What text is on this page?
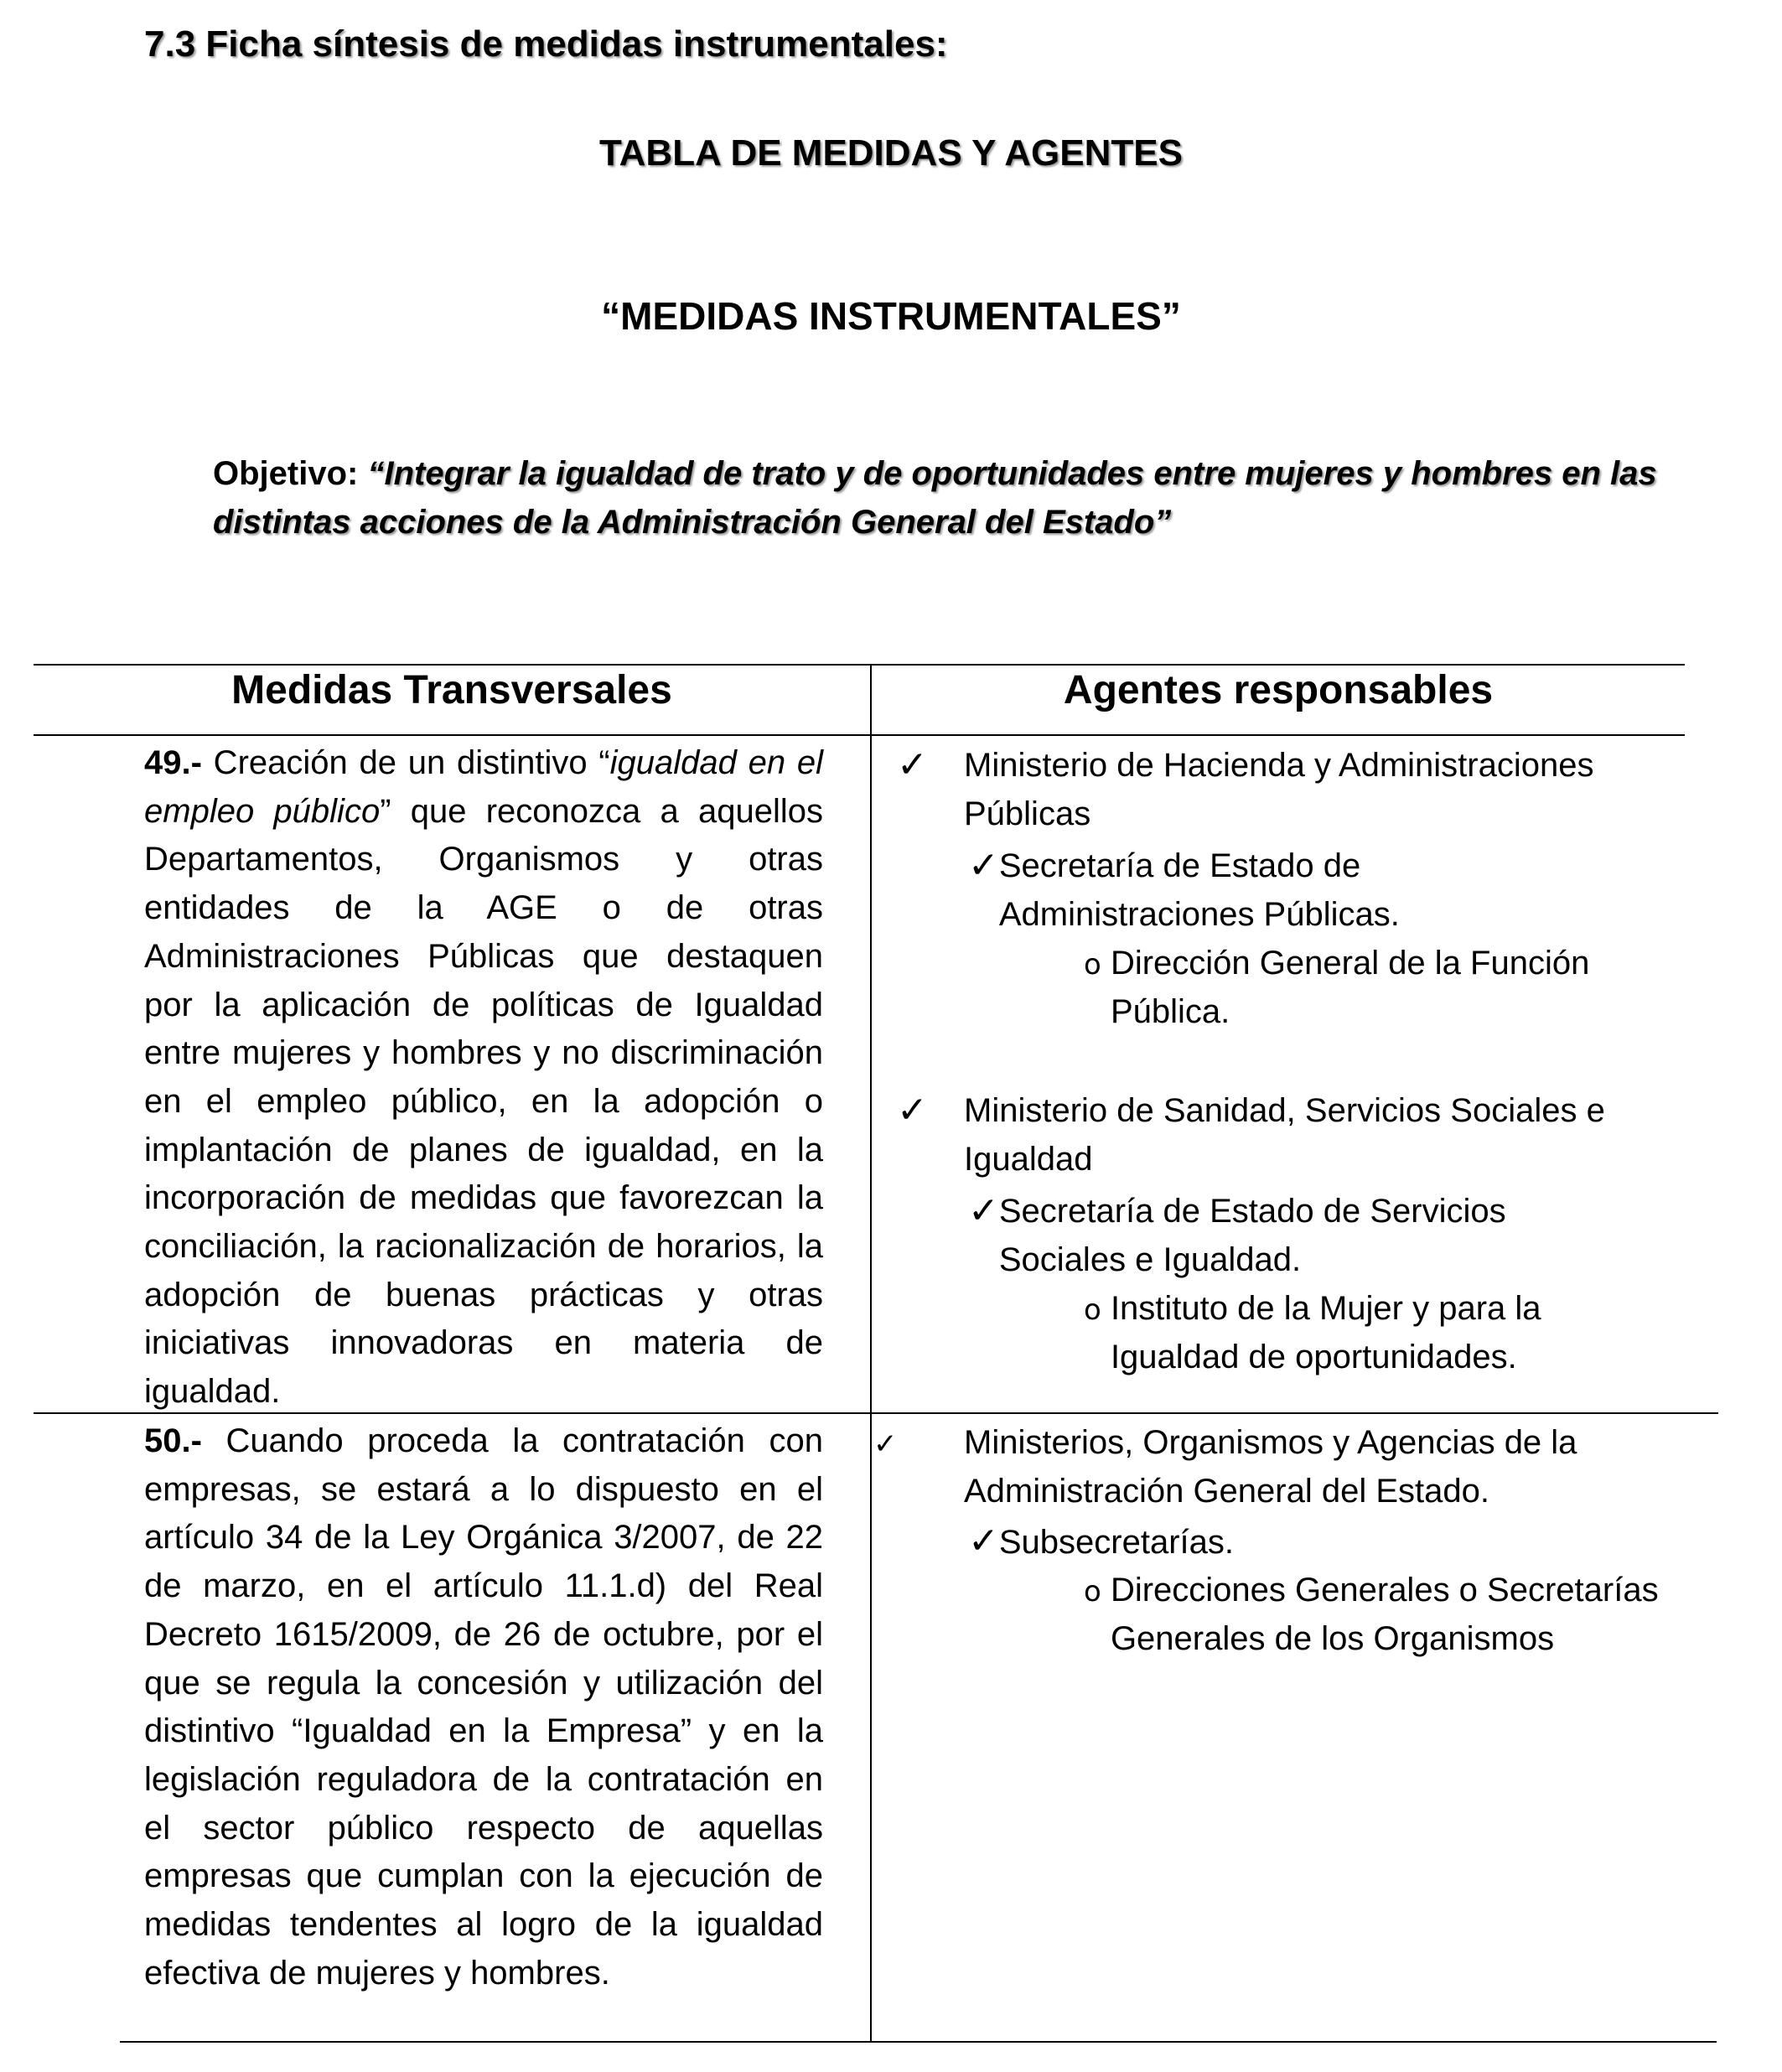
7.3 Ficha síntesis de medidas instrumentales:
TABLA DE MEDIDAS Y AGENTES
“MEDIDAS INSTRUMENTALES”
Objetivo: “Integrar la igualdad de trato y de oportunidades entre mujeres y hombres en las distintas acciones de la Administración General del Estado”
Medidas Transversales	Agentes responsables
49.- Creación de un distintivo “igualdad en el empleo público” que reconozca a aquellos Departamentos, Organismos y otras entidades de la AGE o de otras Administraciones Públicas que destaquen por la aplicación de políticas de Igualdad entre mujeres y hombres y no discriminación en el empleo público, en la adopción o implantación de planes de igualdad, en la incorporación de medidas que favorezcan la conciliación, la racionalización de horarios, la adopción de buenas prácticas y otras iniciativas innovadoras en materia de igualdad.
✓ Ministerio de Hacienda y Administraciones Públicas
✓Secretaría de Estado de Administraciones Públicas.
o Dirección General de la Función Pública.
✓ Ministerio de Sanidad, Servicios Sociales e Igualdad
✓Secretaría de Estado de Servicios Sociales e Igualdad.
o Instituto de la Mujer y para la Igualdad de oportunidades.
50.- Cuando proceda la contratación con empresas, se estará a lo dispuesto en el artículo 34 de la Ley Orgánica 3/2007, de 22 de marzo, en el artículo 11.1.d) del Real Decreto 1615/2009, de 26 de octubre, por el que se regula la concesión y utilización del distintivo “Igualdad en la Empresa” y en la legislación reguladora de la contratación en el sector público respecto de aquellas empresas que cumplan con la ejecución de medidas tendentes al logro de la igualdad efectiva de mujeres y hombres.
✓ Ministerios, Organismos y Agencias de la Administración General del Estado.
✓Subsecretarías.
o Direcciones Generales o Secretarías Generales de los Organismos
